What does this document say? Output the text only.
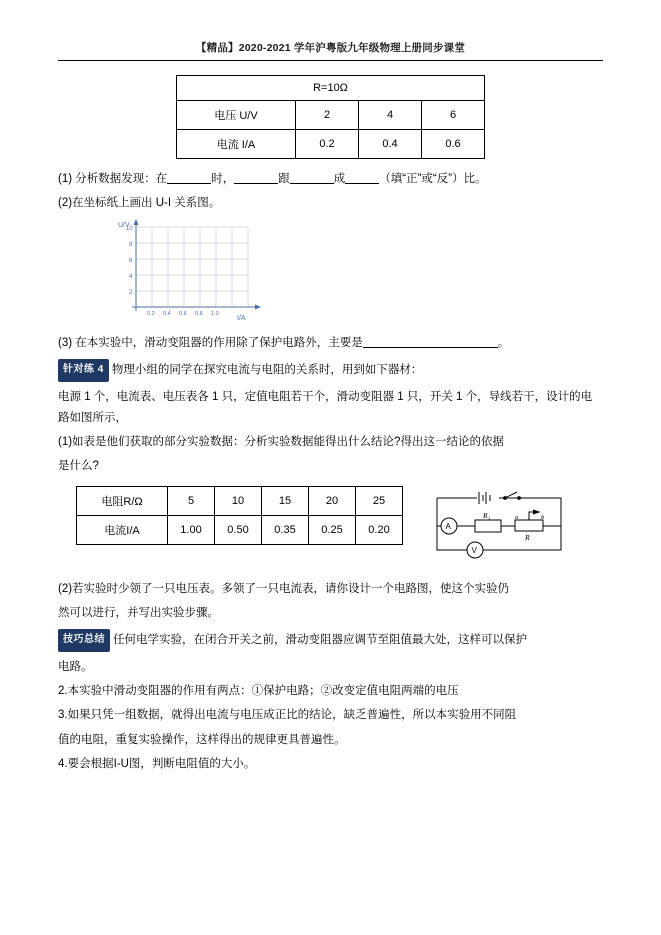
【精品】2020-2021 学年沪粤版九年级物理上册同步课堂
R=10Ω			
电压 U/V	2	4	6
电流 I/A	0.2	0.4	0.6
(1) 分析数据发现：在	时，	跟	成	（填“正”或“反”）比。
(2)在坐标纸上画出 U-I 关系图。
U/V
I/A
10
8
6
4
2
0.2 0.4 0.6 0.8 1.0
(3) 在本实验中，滑动变阻器的作用除了保护电路外，主要是	。
针对练 4 物理小组的同学在探究电流与电阻的关系时，用到如下器材：
电源 1 个，电流表、电压表各 1 只，定值电阻若干个，滑动变阻器 1 只，开关 1 个，导线若干，设计的电路如图所示，
(1)如表是他们获取的部分实验数据：分析实验数据能得出什么结论?得出这一结论的依据
是什么?
电阻R/Ω	5	10	15	20	25
电流I/A	1.00	0.50	0.35	0.25	0.20	A
V
R₁
R
a	b
(2)若实验时少领了一只电压表。多领了一只电流表，请你设计一个电路图，使这个实验仍
然可以进行，并写出实验步骤。
技巧总结 任何电学实验，在闭合开关之前，滑动变阻器应调节至阻值最大处，这样可以保护
电路。
2.本实验中滑动变阻器的作用有两点：①保护电路；②改变定值电阻两端的电压
3.如果只凭一组数据，就得出电流与电压成正比的结论，缺乏普遍性，所以本实验用不同阻
值的电阻，重复实验操作，这样得出的规律更具普遍性。
4.要会根据I-U图，判断电阻值的大小。
